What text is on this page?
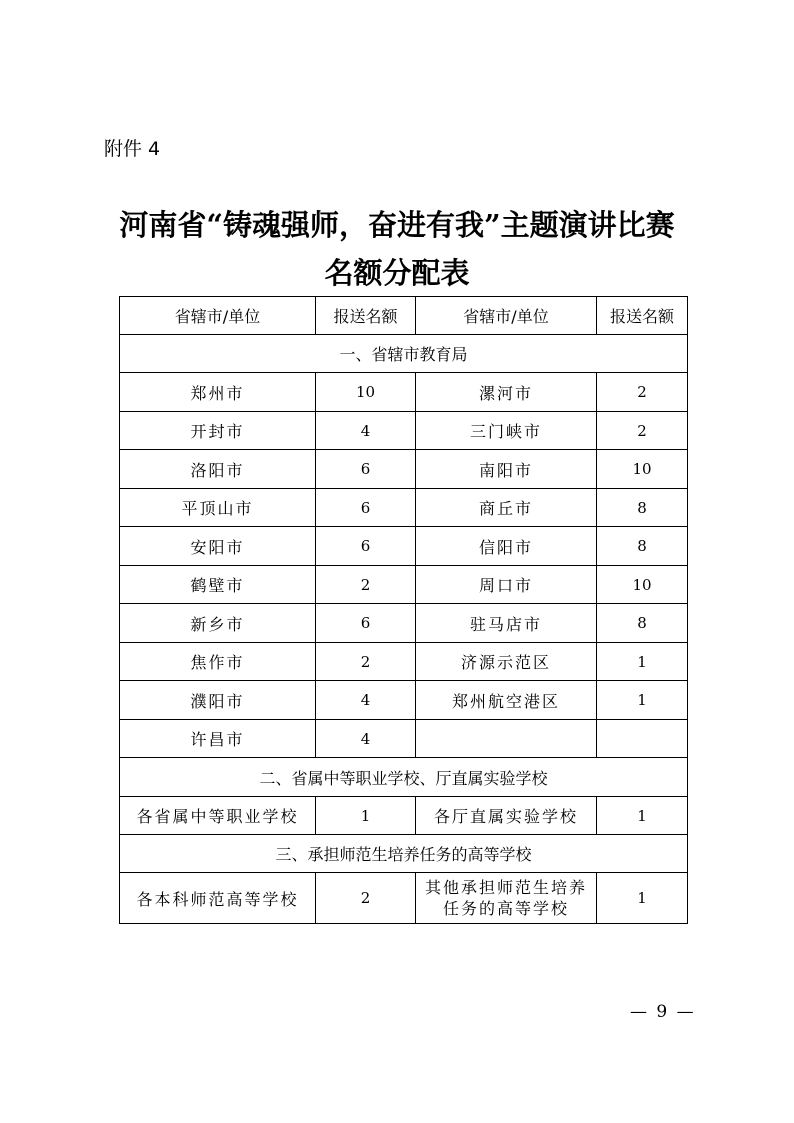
附件 4
河南省“铸魂强师，奋进有我”主题演讲比赛
名额分配表
省辖市/单位	报送名额	省辖市/单位	报送名额
一、省辖市教育局			
郑州市	10	漯河市	2
开封市	4	三门峡市	2
洛阳市	6	南阳市	10
平顶山市	6	商丘市	8
安阳市	6	信阳市	8
鹤壁市	2	周口市	10
新乡市	6	驻马店市	8
焦作市	2	济源示范区	1
濮阳市	4	郑州航空港区	1
许昌市	4		
二、省属中等职业学校、厅直属实验学校			
各省属中等职业学校	1	各厅直属实验学校	1
三、承担师范生培养任务的高等学校			
各本科师范高等学校	2	其他承担师范生培养
任务的高等学校	1
— 9 —
